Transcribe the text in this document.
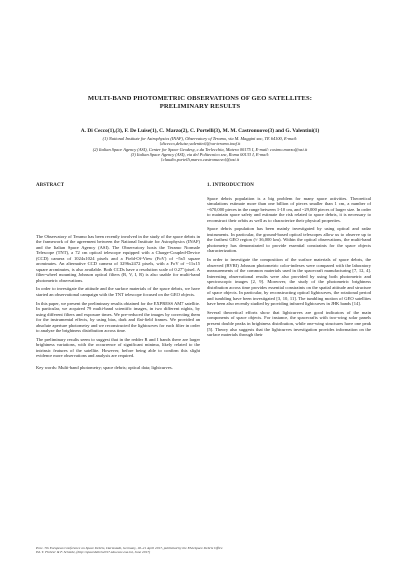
MULTI-BAND PHOTOMETRIC OBSERVATIONS OF GEO SATELLITES:
PRELIMINARY RESULTS
A. Di Cecco(1),(3), F. De Luise(1), C. Marzo(2), C. Portelli(3), M. M. Castronuovo(3) and G. Valentini(1)
(1) National Institute for Astrophysics (INAF), Observatory of Teramo, via M. Maggini snc, TE 64100, E-mail:
{dicecco,deluise,valentini}@oa-teramo.inaf.it
(2) Italian Space Agency (ASI), Center for Space Geodesy, c.da Terlecchia, Matera 00175 I, E-mail: cosimo.marzo@asi.it
(3) Italian Space Agency (ASI), via del Politecnico snc, Roma 00133 I, E-mail:
{claudio.portelli,marco.castronuovo}@asi.it
ABSTRACT
The Observatory of Teramo has been recently involved in the study of the space debris in the framework of the agreement between the National Institute for Astrophysics (INAF) and the Italian Space Agency (ASI). The Observatory hosts the Teramo Normale Telescope (TNT), a 72 cm optical telescope equipped with a Charge-Coupled-Device (CCD) camera of 1024x1024 pixels and a Field-Of-View (FoV) of ~5x5 square arcminutes. An alternative CCD camera of 3296x2472 pixels, with a FoV of ~11x15 square arcminutes, is also available. Both CCDs have a resolution scale of 0.27"/pixel. A filter-wheel mounting Johnson optical filters (B, V, I, R) is also usable for multi-band photometric observations.
In order to investigate the attitude and the surface materials of the space debris, we have started an observational campaign with the TNT telescope focused on the GEO objects.
In this paper, we present the preliminary results obtained for the EXPRESS AM7 satellite. In particular, we acquired 79 multi-band scientific images, in two different nights, by using different filters and exposure times. We pre-reduced the images by correcting them for the instrumental effects, by using bias, dark and flat-field frames. We provided an absolute aperture photometry and we reconstructed the lightcurves for each filter in order to analyze the brightness distribution across time.
The preliminary results seem to suggest that in the redder R and I bands there are larger brightness variations, with the occurrence of significant minima, likely related to the intrinsic features of the satellite. However, before being able to confirm this slight evidence more observations and analysis are required.
Key words: Multi-band photometry; space debris; optical data; lightcurves.
1. INTRODUCTION
Space debris population is a big problem for many space activities. Theoretical simulations estimate more than one billion of pieces smaller than 1 cm, a number of ~670,000 pieces in the range between 1-10 cm, and ~29,000 pieces of larger size. In order to maintain space safety and estimate the risk related to space debris, it is necessary to reconstruct their orbits as well as to characterize their physical properties.
Space debris population has been mainly investigated by using optical and radar instruments. In particular, the ground-based optical telescopes allow us to observe up to the farthest GEO region (≈ 36,000 km). Within the optical observations, the multi-band photometry has demonstrated to provide essential constraints for the space objects characterization.
In order to investigate the composition of the surface materials of space debris, the observed (BVRI) Johnson photometric color-indexes were compared with the laboratory measurements of the common materials used in the spacecraft manufacturing [7, 12, 4]. Interesting observational results were also provided by using both photometric and spectroscopic images [2, 9]. Moreover, the study of the photometric brightness distribution across time provides essential constraints on the spatial attitude and structure of space objects. In particular, by reconstructing optical lightcurves, the rotational period and tumbling have been investigated [3, 10, 11]. The tumbling motion of GEO satellites have been also recently studied by providing infrared lightcurves in JHK bands [14].
Several theoretical efforts show that lightcurves are good indicators of the main components of space objects. For instance, the spacecrafts with two-wing solar panels present double peaks in brightness distribution, while one-wing structures have one peak [5]. Theory also suggests that the lightcurves investigation provides information on the surface materials through their
Proc. 7th European Conference on Space Debris, Darmstadt, Germany, 18–21 April 2017, published by the ESA Space Debris Office
Ed. T. Flohrer & F. Schmitz, (http://spacedebris2017.sdo.esoc.esa.int, June 2017)
